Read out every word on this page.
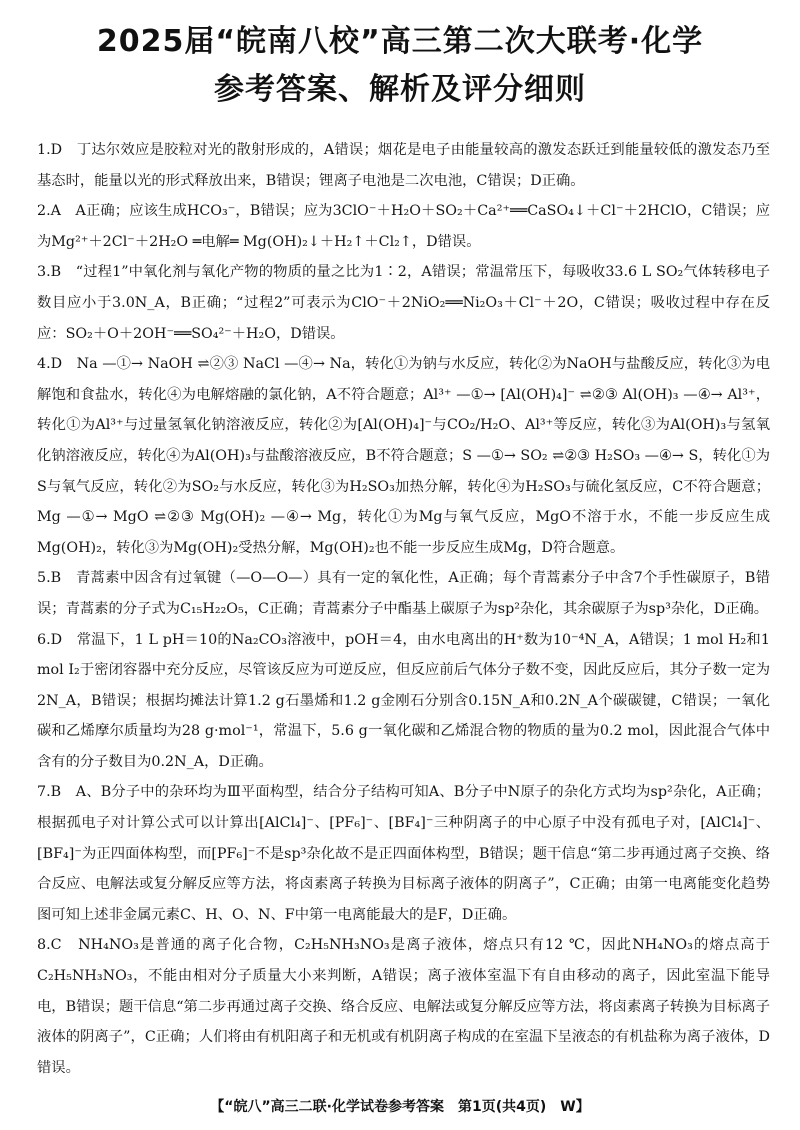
2025届“皖南八校”高三第二次大联考·化学
参考答案、解析及评分细则
1.D　丁达尔效应是胶粒对光的散射形成的，A错误；烟花是电子由能量较高的激发态跃迁到能量较低的激发态乃至基态时，能量以光的形式释放出来，B错误；锂离子电池是二次电池，C错误；D正确。
2.A　A正确；应该生成HCO₃⁻，B错误；应为3ClO⁻＋H₂O＋SO₂＋Ca²⁺══CaSO₄↓＋Cl⁻＋2HClO，C错误；应为Mg²⁺＋2Cl⁻＋2H₂O ═电解═ Mg(OH)₂↓＋H₂↑＋Cl₂↑，D错误。
3.B　“过程1”中氧化剂与氧化产物的物质的量之比为1∶2，A错误；常温常压下，每吸收33.6 L SO₂气体转移电子数目应小于3.0N_A，B正确；“过程2”可表示为ClO⁻＋2NiO₂══Ni₂O₃＋Cl⁻＋2O，C错误；吸收过程中存在反应：SO₂＋O＋2OH⁻══SO₄²⁻＋H₂O，D错误。
4.D　Na —①→ NaOH ⇌②③ NaCl —④→ Na，转化①为钠与水反应，转化②为NaOH与盐酸反应，转化③为电解饱和食盐水，转化④为电解熔融的氯化钠，A不符合题意；Al³⁺ —①→ [Al(OH)₄]⁻ ⇌②③ Al(OH)₃ —④→ Al³⁺，转化①为Al³⁺与过量氢氧化钠溶液反应，转化②为[Al(OH)₄]⁻与CO₂/H₂O、Al³⁺等反应，转化③为Al(OH)₃与氢氧化钠溶液反应，转化④为Al(OH)₃与盐酸溶液反应，B不符合题意；S —①→ SO₂ ⇌②③ H₂SO₃ —④→ S，转化①为S与氧气反应，转化②为SO₂与水反应，转化③为H₂SO₃加热分解，转化④为H₂SO₃与硫化氢反应，C不符合题意；Mg —①→ MgO ⇌②③ Mg(OH)₂ —④→ Mg，转化①为Mg与氧气反应，MgO不溶于水，不能一步反应生成Mg(OH)₂，转化③为Mg(OH)₂受热分解，Mg(OH)₂也不能一步反应生成Mg，D符合题意。
5.B　青蒿素中因含有过氧键（—O—O—）具有一定的氧化性，A正确；每个青蒿素分子中含7个手性碳原子，B错误；青蒿素的分子式为C₁₅H₂₂O₅，C正确；青蒿素分子中酯基上碳原子为sp²杂化，其余碳原子为sp³杂化，D正确。
6.D　常温下，1 L pH＝10的Na₂CO₃溶液中，pOH＝4，由水电离出的H⁺数为10⁻⁴N_A，A错误；1 mol H₂和1 mol I₂于密闭容器中充分反应，尽管该反应为可逆反应，但反应前后气体分子数不变，因此反应后，其分子数一定为2N_A，B错误；根据均摊法计算1.2 g石墨烯和1.2 g金刚石分别含0.15N_A和0.2N_A个碳碳键，C错误；一氧化碳和乙烯摩尔质量均为28 g·mol⁻¹，常温下，5.6 g一氧化碳和乙烯混合物的物质的量为0.2 mol，因此混合气体中含有的分子数目为0.2N_A，D正确。
7.B　A、B分子中的杂环均为Ⅲ平面构型，结合分子结构可知A、B分子中N原子的杂化方式均为sp²杂化，A正确；根据孤电子对计算公式可以计算出[AlCl₄]⁻、[PF₆]⁻、[BF₄]⁻三种阴离子的中心原子中没有孤电子对，[AlCl₄]⁻、[BF₄]⁻为正四面体构型，而[PF₆]⁻不是sp³杂化故不是正四面体构型，B错误；题干信息“第二步再通过离子交换、络合反应、电解法或复分解反应等方法，将卤素离子转换为目标离子液体的阴离子”，C正确；由第一电离能变化趋势图可知上述非金属元素C、H、O、N、F中第一电离能最大的是F，D正确。
8.C　NH₄NO₃是普通的离子化合物，C₂H₅NH₃NO₃是离子液体，熔点只有12 ℃，因此NH₄NO₃的熔点高于C₂H₅NH₃NO₃，不能由相对分子质量大小来判断，A错误；离子液体室温下有自由移动的离子，因此室温下能导电，B错误；题干信息“第二步再通过离子交换、络合反应、电解法或复分解反应等方法，将卤素离子转换为目标离子液体的阴离子”，C正确；人们将由有机阳离子和无机或有机阴离子构成的在室温下呈液态的有机盐称为离子液体，D错误。
【“皖八”高三二联·化学试卷参考答案　第1页(共4页)　W】
